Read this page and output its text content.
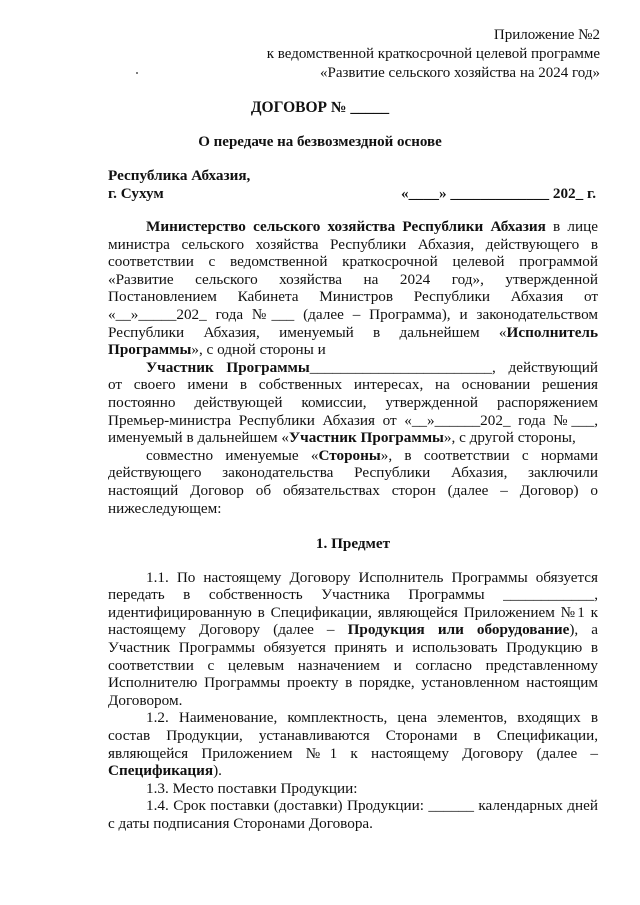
Приложение №2
к ведомственной краткосрочной целевой программе
«Развитие сельского хозяйства на 2024 год»
ДОГОВОР № _____
О передаче на безвозмездной основе
Республика Абхазия,
г. Сухум	«____» _____________ 202_ г.

Министерство сельского хозяйства Республики Абхазия в лице министра сельского хозяйства Республики Абхазия, действующего в соответствии с ведомственной краткосрочной целевой программой «Развитие сельского хозяйства на 2024 год», утвержденной Постановлением Кабинета Министров Республики Абхазия от «__»_____202_ года №___ (далее – Программа), и законодательством Республики Абхазия, именуемый в дальнейшем «Исполнитель Программы», с одной стороны и

Участник Программы________________________, действующий от своего имени в собственных интересах, на основании решения постоянно действующей комиссии, утвержденной распоряжением Премьер-министра Республики Абхазия от «__»______202_ года №___, именуемый в дальнейшем «Участник Программы», с другой стороны,

совместно именуемые «Стороны», в соответствии с нормами действующего законодательства Республики Абхазия, заключили настоящий Договор об обязательствах сторон (далее – Договор) о нижеследующем:

1. Предмет

1.1. По настоящему Договору Исполнитель Программы обязуется передать в собственность Участника Программы ____________, идентифицированную в Спецификации, являющейся Приложением №1 к настоящему Договору (далее – Продукция или оборудование), а Участник Программы обязуется принять и использовать Продукцию в соответствии с целевым назначением и согласно представленному Исполнителю Программы проекту в порядке, установленном настоящим Договором.

1.2. Наименование, комплектность, цена элементов, входящих в состав Продукции, устанавливаются Сторонами в Спецификации, являющейся Приложением №1 к настоящему Договору (далее – Спецификация).

1.3. Место поставки Продукции:

1.4. Срок поставки (доставки) Продукции: ______ календарных дней с даты подписания Сторонами Договора.
